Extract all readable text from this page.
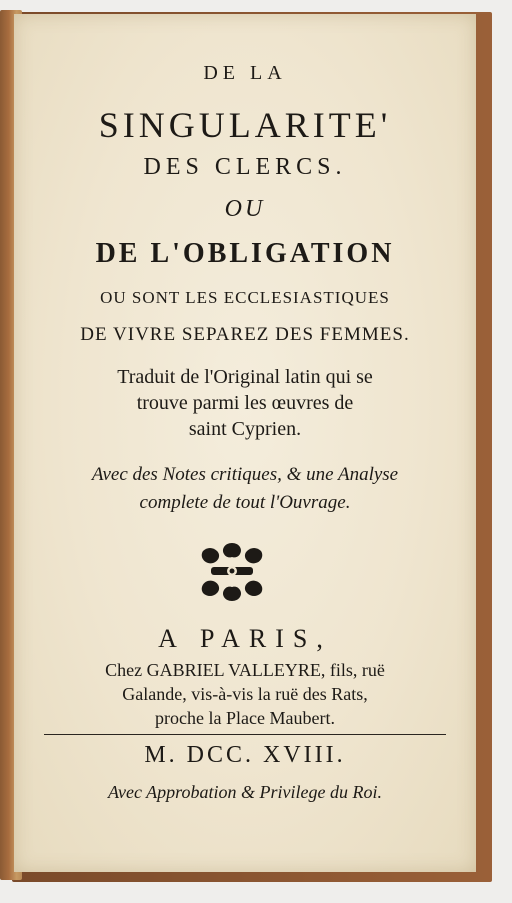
DE LA
SINGULARITE'
DES CLERCS.
OU
DE L'OBLIGATION
OU SONT LES ECCLESIASTIQUES
DE VIVRE SEPAREZ DES FEMMES.
Traduit de l'Original latin qui se
trouve parmi les œuvres de
saint Cyprien.
Avec des Notes critiques, & une Analyse
complete de tout l'Ouvrage.
A PARIS,
Chez GABRIEL VALLEYRE, fils, ruë
Galande, vis-à-vis la ruë des Rats,
proche la Place Maubert.
M. DCC. XVIII.
Avec Approbation & Privilege du Roi.
